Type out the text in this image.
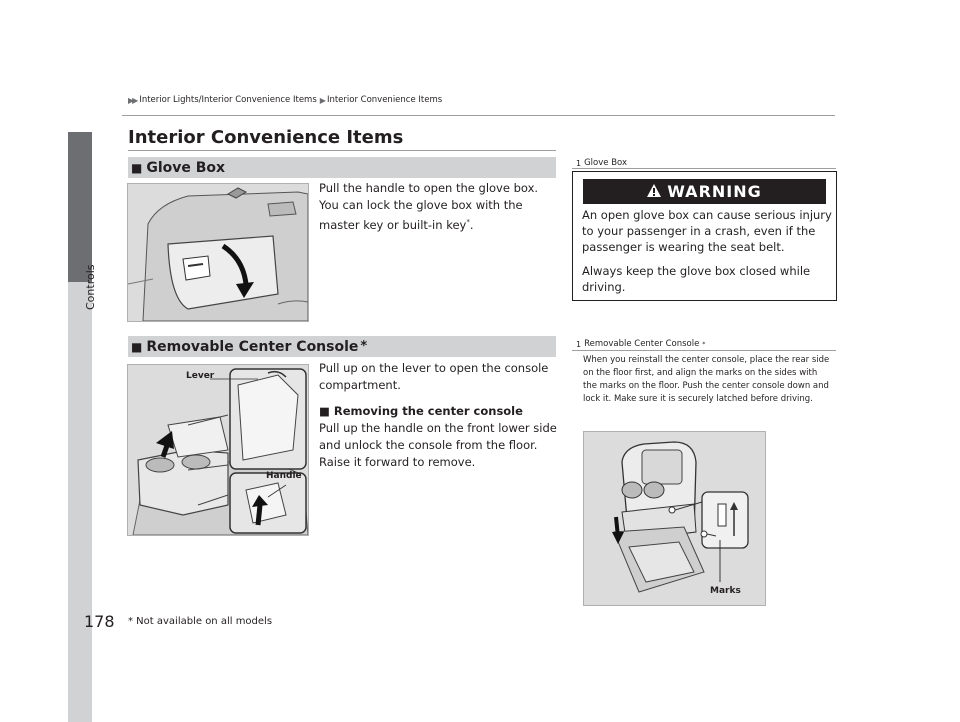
Controls
▶▶ Interior Lights/Interior Convenience Items ▶ Interior Convenience Items
Interior Convenience Items
■ Glove Box
Pull the handle to open the glove box. You can lock the glove box with the master key or built-in key*.
■ Removable Center Console *
Lever
Handle
Pull up on the lever to open the console compartment.
■ Removing the center console
Pull up the handle on the front lower side and unlock the console from the floor. Raise it forward to remove.
1 Glove Box
WARNING
An open glove box can cause serious injury to your passenger in a crash, even if the passenger is wearing the seat belt.
Always keep the glove box closed while driving.
1 Removable Center Console *
When you reinstall the center console, place the rear side on the floor first, and align the marks on the sides with the marks on the floor. Push the center console down and lock it. Make sure it is securely latched before driving.
Marks
178 * Not available on all models
